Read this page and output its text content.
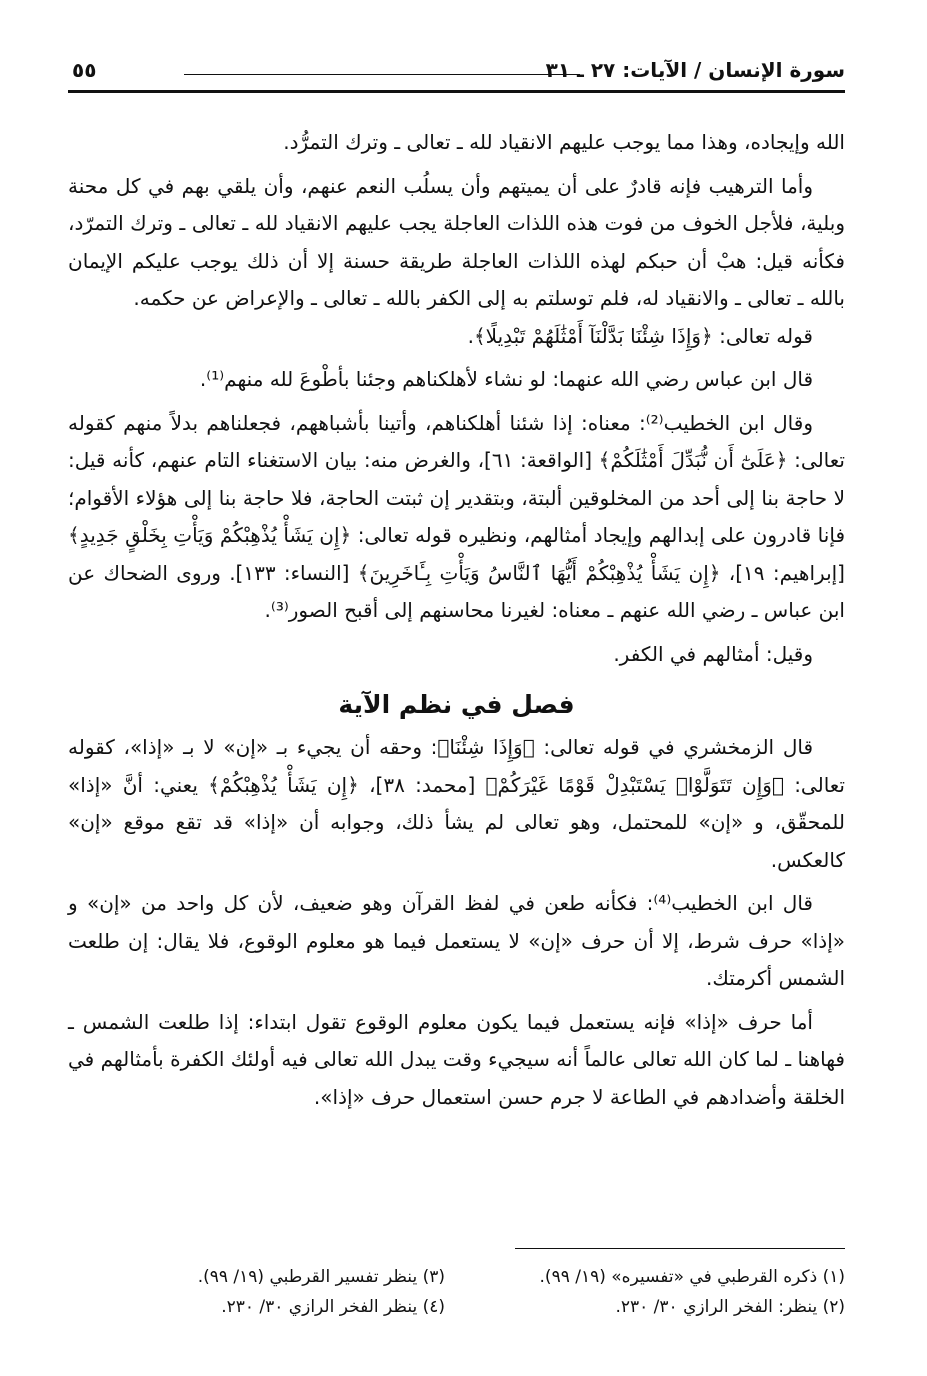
سورة الإنسان / الآيات: ٢٧ ـ ٣١
٥٥

الله وإيجاده، وهذا مما يوجب عليهم الانقياد لله ـ تعالى ـ وترك التمرُّد.

وأما الترهيب فإنه قادرٌ على أن يميتهم وأن يسلُب النعم عنهم، وأن يلقي بهم في كل محنة وبلية، فلأجل الخوف من فوت هذه اللذات العاجلة يجب عليهم الانقياد لله ـ تعالى ـ وترك التمرّد، فكأنه قيل: هبْ أن حبكم لهذه اللذات العاجلة طريقة حسنة إلا أن ذلك يوجب عليكم الإيمان بالله ـ تعالى ـ والانقياد له، فلم توسلتم به إلى الكفر بالله ـ تعالى ـ والإعراض عن حكمه.

قوله تعالى: ﴿وَإِذَا شِئْنَا بَدَّلْنَآ أَمْثَٰلَهُمْ تَبْدِيلًا﴾.

قال ابن عباس رضي الله عنهما: لو نشاء لأهلكناهم وجئنا بأطْوعَ لله منهم⁽¹⁾.

وقال ابن الخطيب⁽²⁾: معناه: إذا شئنا أهلكناهم، وأتينا بأشباههم، فجعلناهم بدلاً منهم كقوله تعالى: ﴿عَلَىٰٓ أَن نُّبَدِّلَ أَمْثَٰلَكُمْ﴾ [الواقعة: ٦١]، والغرض منه: بيان الاستغناء التام عنهم، كأنه قيل: لا حاجة بنا إلى أحد من المخلوقين ألبتة، وبتقدير إن ثبتت الحاجة، فلا حاجة بنا إلى هؤلاء الأقوام؛ فإنا قادرون على إبدالهم وإيجاد أمثالهم، ونظيره قوله تعالى: ﴿إِن يَشَأْ يُذْهِبْكُمْ وَيَأْتِ بِخَلْقٍ جَدِيدٍ﴾ [إبراهيم: ١٩]، ﴿إِن يَشَأْ يُذْهِبْكُمْ أَيُّهَا ٱلنَّاسُ وَيَأْتِ بِـَٔاخَرِينَ﴾ [النساء: ١٣٣]. وروى الضحاك عن ابن عباس ـ رضي الله عنهم ـ معناه: لغيرنا محاسنهم إلى أقبح الصور⁽³⁾.

وقيل: أمثالهم في الكفر.

فصل في نظم الآية

قال الزمخشري في قوله تعالى: ﴿وَإِذَا شِئْنَا﴾: وحقه أن يجيء بـ «إن» لا بـ «إذا»، كقوله تعالى: ﴿وَإِن تَتَوَلَّوْا۟ يَسْتَبْدِلْ قَوْمًا غَيْرَكُمْ﴾ [محمد: ٣٨]، ﴿إِن يَشَأْ يُذْهِبْكُمْ﴾ يعني: أنَّ «إذا» للمحقّق، و «إن» للمحتمل، وهو تعالى لم يشأ ذلك، وجوابه أن «إذا» قد تقع موقع «إن» كالعكس.

قال ابن الخطيب⁽⁴⁾: فكأنه طعن في لفظ القرآن وهو ضعيف، لأن كل واحد من «إن» و «إذا» حرف شرط، إلا أن حرف «إن» لا يستعمل فيما هو معلوم الوقوع، فلا يقال: إن طلعت الشمس أكرمتك.

أما حرف «إذا» فإنه يستعمل فيما يكون معلوم الوقوع تقول ابتداء: إذا طلعت الشمس ـ فهاهنا ـ لما كان الله تعالى عالماً أنه سيجيء وقت يبدل الله تعالى فيه أولئك الكفرة بأمثالهم في الخلقة وأضدادهم في الطاعة لا جرم حسن استعمال حرف «إذا».

(١) ذكره القرطبي في «تفسيره» (١٩/ ٩٩).
(٢) ينظر: الفخر الرازي ٣٠/ ٢٣٠.
(٣) ينظر تفسير القرطبي (١٩/ ٩٩).
(٤) ينظر الفخر الرازي ٣٠/ ٢٣٠.
